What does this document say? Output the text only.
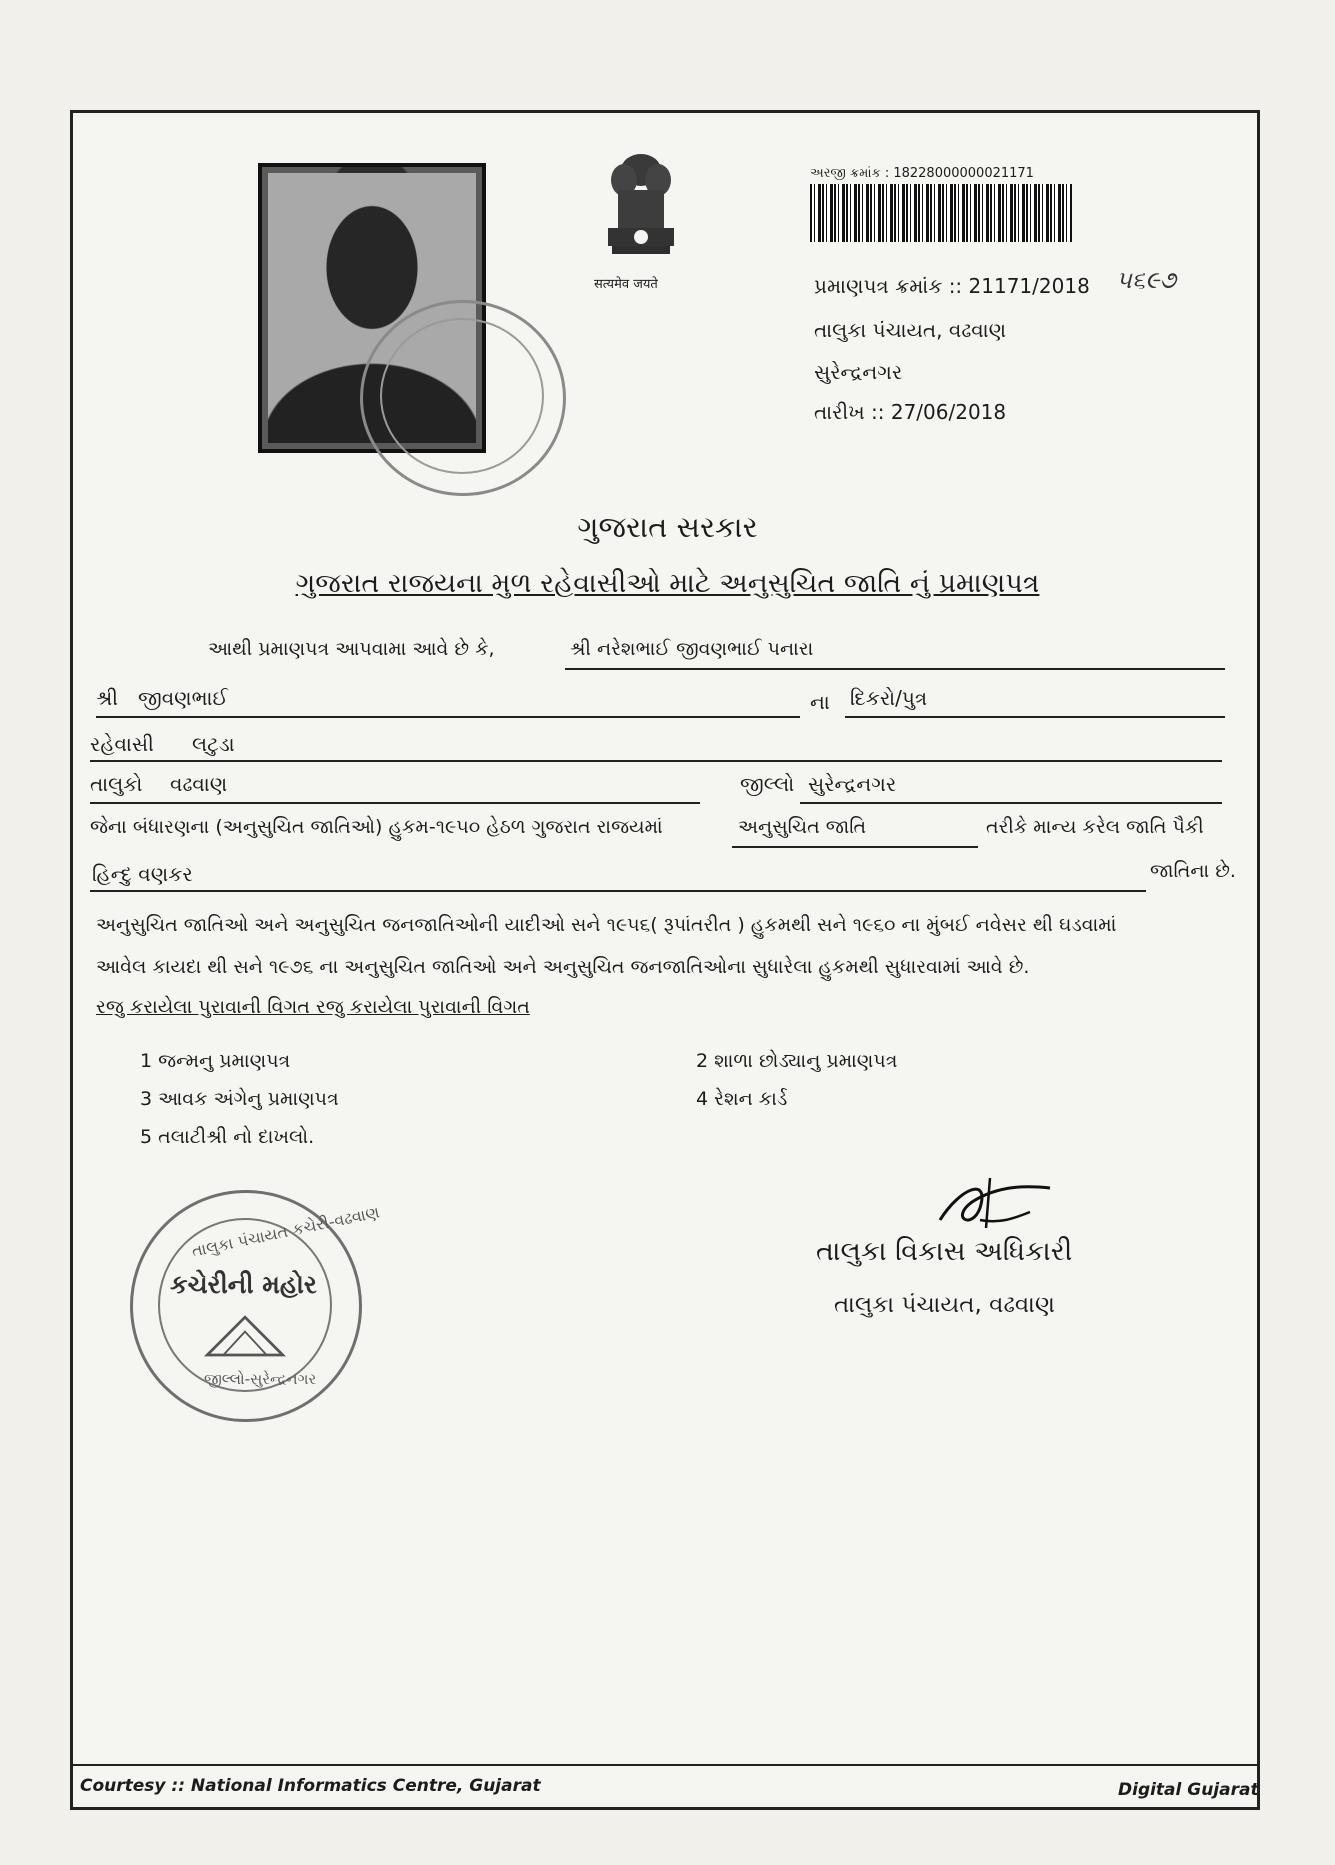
सत्यमेव जयते
અરજી ક્રમાંક : 18228000000021171
પ્રમાણપત્ર ક્રમાંક :: 21171/2018 ૫૬૯૭
તાલુકા પંચાયત, વઢવાણ
સુરેન્દ્રનગર
તારીખ :: 27/06/2018
ગુજરાત સરકાર
ગુજરાત રાજયના મુળ રહેવાસીઓ માટે અનુસુચિત જાતિ નું પ્રમાણપત્ર
આથી પ્રમાણપત્ર આપવામા આવે છે કે,	શ્રી નરેશભાઈ જીવણભાઈ પનારા
શ્રી જીવણભાઈ	ના દિકરો/પુત્ર
રહેવાસી લટુડા
તાલુકો વઢવાણ	જીલ્લો સુરેન્દ્રનગર
જેના બંધારણના (અનુસુચિત જાતિઓ) હુકમ-૧૯૫૦ હેઠળ ગુજરાત રાજયમાં	અનુસુચિત જાતિ	તરીકે માન્ય કરેલ જાતિ પૈકી
હિન્દુ વણકર	જાતિના છે.
અનુસુચિત જાતિઓ અને અનુસુચિત જનજાતિઓની યાદીઓ સને ૧૯૫૬( રૂપાંતરીત ) હુકમથી સને ૧૯૬૦ ના મુંબઈ નવેસર થી ઘડવામાં
આવેલ કાયદા થી સને ૧૯૭૬ ના અનુસુચિત જાતિઓ અને અનુસુચિત જનજાતિઓના સુધારેલા હુકમથી સુધારવામાં આવે છે.
રજુ કરાયેલા પુરાવાની વિગત રજુ કરાયેલા પુરાવાની વિગત
1 જન્મનુ પ્રમાણપત્ર	2 શાળા છોડ્યાનુ પ્રમાણપત્ર
3 આવક અંગેનુ પ્રમાણપત્ર	4 રેશન કાર્ડ
5 તલાટીશ્રી નો દાખલો.
તાલુકા પંચાયત કચેરી-વઢવાણ
કચેરીની મહોર
જીલ્લો-સુરેન્દ્રનગર
તાલુકા વિકાસ અધિકારી
તાલુકા પંચાયત, વઢવાણ
Courtesy :: National Informatics Centre, Gujarat	Digital Gujarat
